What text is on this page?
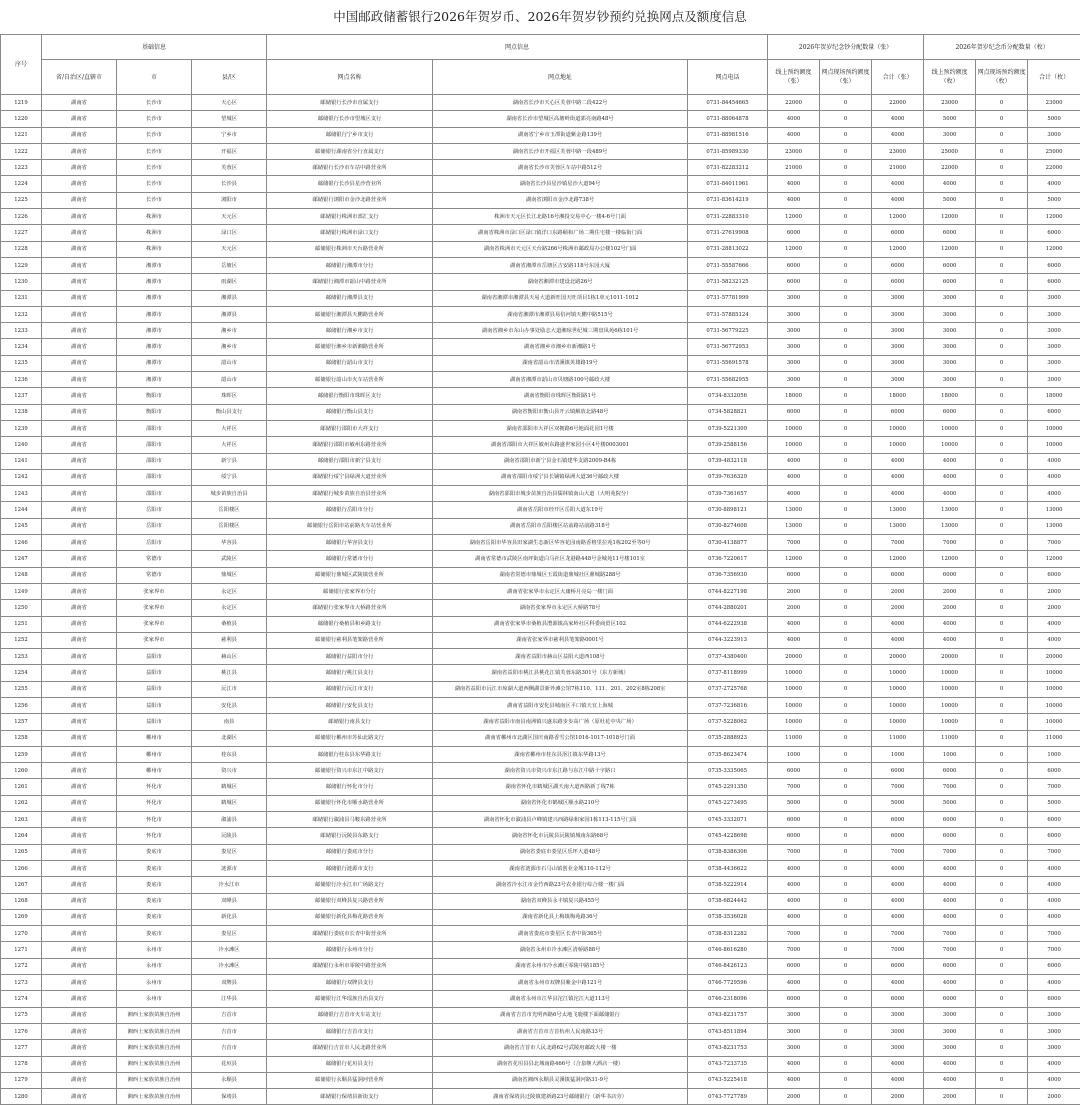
中国邮政储蓄银行2026年贺岁币、2026年贺岁钞预约兑换网点及额度信息
序号	基础信息			网点信息			2026年贺岁纪念钞分配数量（张）			2026年贺岁纪念币分配数量（枚）		
	省/自治区/直辖市	市	县/区	网点名称	网点地址	网点电话	线上预约额度（张）	网点现场预约额度（张）	合计（张）	线上预约额度（枚）	网点现场预约额度（枚）	合计（枚）
1219	湖南省	长沙市	天心区	邮储银行长沙市直属支行	湖南省长沙市天心区芙蓉中路二段422号	0731-84454665	22000	0	22000	23000	0	23000
1220	湖南省	长沙市	望城区	邮储银行长沙市望城区支行	湖南省长沙市望城区高塘岭街道郭亮南路48号	0731-88064878	4000	0	4000	5000	0	5000
1221	湖南省	长沙市	宁乡市	邮储银行宁乡市支行	湖南省宁乡市玉潭街道紫金路139号	0731-88981516	4000	0	4000	3000	0	3000
1222	湖南省	长沙市	开福区	邮储银行湖南省分行直属支行	湖南省长沙市开福区芙蓉中路一段489号	0731-85989330	23000	0	23000	25000	0	25000
1223	湖南省	长沙市	芙蓉区	邮储银行长沙市车站中路营业所	湖南省长沙市芙蓉区车站中路512号	0731-82283212	21000	0	21000	22000	0	22000
1224	湖南省	长沙市	长沙县	邮储银行长沙县星沙营业所	湖南省长沙县星沙镇星沙大道94号	0731-84011961	4000	0	4000	4000	0	4000
1225	湖南省	长沙市	浏阳市	邮储银行浏阳市金沙北路营业所	湖南省浏阳市金沙北路738号	0731-83614219	4000	0	4000	5000	0	5000
1226	湖南省	株洲市	天元区	邮储银行株洲市部汇支行	株洲市天元区长江北路16号湘投交易中心一楼4-6号门面	0731-22883310	12000	0	12000	12000	0	12000
1227	湖南省	株洲市	渌口区	邮储银行株洲市渌口支行	湖南省株洲市渌口区渌口镇洋口东路颐和广场二期住宅楼一楼临街门面	0731-27619908	6000	0	6000	6000	0	6000
1228	湖南省	株洲市	天元区	邮储银行株洲市天台路营业所	湖南省株洲市天元区天台路266号株洲市邮政局办公楼102号门面	0731-28813022	12000	0	12000	12000	0	12000
1229	湖南省	湘潭市	岳塘区	邮储银行湘潭市分行	湖南省湘潭市岳塘区吉安路118号东园大厦	0731-55587666	6000	0	6000	6000	0	6000
1230	湖南省	湘潭市	雨湖区	邮储银行湘潭市韶山中路营业所	湖南省湘潭市建设北路26号	0731-58232125	6000	0	6000	6000	0	6000
1231	湖南省	湘潭市	湘潭县	邮储银行湘潭县支行	湖南省湘潭市湘潭县天易大道新旺国天旺项目1栋1单元1011-1012	0731-57781999	3000	0	3000	3000	0	3000
1232	湖南省	湘潭市	湘潭县	邮储银行湘潭县天鹏路营业所	湖南省湘潭市湘潭县易俗河镇天鹏中路515号	0731-57885124	3000	0	3000	3000	0	3000
1233	湖南省	湘潭市	湘乡市	邮储银行湘乡市支行	湖南省湘乡市东山办事处励志大道湘琼世纪城三期盘凤苑6栋101号	0731-56779225	3000	0	3000	3000	0	3000
1234	湖南省	湘潭市	湘乡市	邮储银行湘乡市新湘路营业所	湖南省湘乡市湘乡市新湘路1号	0731-56772953	3000	0	3000	3000	0	3000
1235	湖南省	湘潭市	韶山市	邮储银行韶山市支行	湖南省韶山市清溪镇英雄路19号	0731-55691578	3000	0	3000	3000	0	3000
1236	湖南省	湘潭市	韶山市	邮储银行韶山市火车站营业所	湖南省湘潭市韶山市贝塘路100号邮政大楼	0731-55682955	3000	0	3000	3000	0	3000
1237	湖南省	衡阳市	珠晖区	邮储银行衡阳市珠晖区支行	湖南省衡阳市珠晖区衡阳路1号	0734-8332056	18000	0	18000	18000	0	18000
1238	湖南省	衡阳市	衡山县支行	邮储银行衡山县支行	湖南省衡阳市衡山县开云镇解放北路48号	0734-5828821	6000	0	6000	6000	0	6000
1239	湖南省	邵阳市	大祥区	邮储银行邵阳市大祥支行	湖南省邵阳市大祥区双拥路6号地面花园1号楼	0739-5221309	10000	0	10000	10000	0	10000
1240	湖南省	邵阳市	大祥区	邮储银行邵阳市敏州东路营业所	湖南省邵阳市大祥区敏州东路盛世家园小区4号楼0003001	0739-2588156	10000	0	10000	10000	0	10000
1241	湖南省	邵阳市	新宁县	邮储银行邵阳市新宁县支行	湖南省邵阳市新宁县金石镇建华支路2009-B4栋	0739-4832118	4000	0	4000	4000	0	4000
1242	湖南省	邵阳市	绥宁县	邮储银行绥宁县绿洲大道营业所	湖南省邵阳市绥宁县长铺镇绿洲大道36号邮政大楼	0739-7636329	4000	0	4000	4000	0	4000
1243	湖南省	邵阳市	城步苗族自治县	邮储银行城步苗族自治县营业所	湖南省邵阳市城步苗族自治县儒林镇南山大道（大明苑院分）	0739-7361657	4000	0	4000	4000	0	4000
1244	湖南省	岳阳市	岳阳楼区	邮储银行岳阳市分行	湖南省岳阳市经开区岳阳大道东19号	0730-8898121	13000	0	13000	13000	0	13000
1245	湖南省	岳阳市	岳阳楼区	邮储银行岳阳市站前路火车站营业所	湖南省岳阳市岳阳楼区站前路站前路318号	0730-8274608	13000	0	13000	13000	0	13000
1246	湖南省	岳阳市	华容县	邮储银行华容县支行	湖南省岳阳市华容县田家湖生态新区华容花园南路香格里拉苑1栋202至等0号	0730-4138877	7000	0	7000	7000	0	7000
1247	湖南省	常德市	武陵区	邮储银行常德市分行	湖南省常德市武陵区南坪街道白马社区龙港路448号金城苑11号楼101室	0736-7220617	12000	0	12000	12000	0	12000
1248	湖南省	常德市	鼎城区	邮储银行鼎城区武陵镇营业所	湖南省常德市鼎城区玉霞街道鼎城社区鼎城路288号	0736-7356930	6000	0	6000	6000	0	6000
1249	湖南省	张家界市	永定区	邮储银行张家界市分行	湖南省张家界市永定区大庸桥月亮岛一楼门面	0744-8227198	2000	0	2000	2000	0	2000
1250	湖南省	张家界市	永定区	邮储银行张家界市大桥路营业所	湖南省张家界市永定区大桥路78号	0744-2880201	2000	0	2000	2000	0	2000
1251	湖南省	张家界市	桑植县	邮储银行桑植县和乡路支行	湖南省张家界市桑植县澧源镇高家岭社区科委商贸区102	0744-6222938	4000	0	4000	4000	0	4000
1252	湖南省	张家界市	慈利县	邮储银行慈利县笔架路营业所	湖南省张家界市慈利县笔架路0001号	0744-3223913	4000	0	4000	4000	0	4000
1253	湖南省	益阳市	赫山区	邮储银行益阳市分行	湖南省益阳市赫山区益阳大道西108号	0737-4380400	20000	0	20000	20000	0	20000
1254	湖南省	益阳市	桃江县	邮储银行桃江县支行	湖南省益阳市桃江县桃花江镇芙蓉东路301号（东方新城）	0737-8118999	10000	0	10000	10000	0	10000
1255	湖南省	益阳市	沅江市	邮储银行沅江市支行	湖南省益阳市沅江市琼湖大道西侧湖景新外滩公馆7栋110、111、201、202室8栋208室	0737-2725768	10000	0	10000	10000	0	10000
1256	湖南省	益阳市	安化县	邮储银行安化县支行	湖南省益阳市安化县城南区平口镇天宜上海城	0737-7236816	10000	0	10000	10000	0	10000
1257	湖南省	益阳市	南县	邮储银行南县支行	湖南省益阳市南县南洲镇兴盛东路步步高广场（原杜花中央广场）	0737-5228062	10000	0	10000	10000	0	10000
1258	湖南省	郴州市	北湖区	邮储银行郴州市苏仙北路支行	湖南省郴州市北湖区国庆南路香雪公馆1016-1017-1018号门面	0735-2888923	11000	0	11000	11000	0	11000
1259	湖南省	郴州市	桂东县	邮储银行桂东县东华路支行	湖南省郴州市桂东县沤江镇东华路13号	0735-8623474	1000	0	1000	1000	0	1000
1260	湖南省	郴州市	资兴市	邮储银行资兴市东江中路支行	湖南省资兴市资兴市东江路与东江中路十字路口	0735-3335065	6000	0	6000	6000	0	6000
1261	湖南省	怀化市	鹤城区	邮储银行怀化市分行	湖南省怀化市鹤城区湖天南大道西路新丁线7栋	0745-2291350	7000	0	7000	7000	0	7000
1262	湖南省	怀化市	鹤城区	邮储银行怀化市顺水路营业所	湖南省怀化市鹤城区顺水路210号	0745-2273495	5000	0	5000	5000	0	5000
1263	湖南省	怀化市	溆浦县	邮储银行溆浦县马鞍东路营业所	湖南省怀化市溆浦县卢峰镇建兴西路绿和家园1栋113-115号门面	0745-3332071	6000	0	6000	6000	0	6000
1264	湖南省	怀化市	沅陵县	邮储银行沅陵县东路支行	湖南省怀化市沅陵县沅陵镇城南东路68号	0745-4228698	6000	0	6000	6000	0	6000
1265	湖南省	娄底市	娄星区	邮储银行娄底市分行	湖南省娄底市娄星区乐坪大道48号	0738-8386306	7000	0	7000	7000	0	7000
1266	湖南省	娄底市	涟源市	邮储银行涟源市支行	湖南省涟源市石马山镇创业金城110-112号	0738-4436622	4000	0	4000	4000	0	4000
1267	湖南省	娄底市	冷水江市	邮储银行冷水江市广场路支行	湖南省冷水江市金竹西路23号农业银行综合楼一楼门面	0738-5222914	4000	0	4000	4000	0	4000
1268	湖南省	娄底市	双峰县	邮储银行双峰县复兴路营业所	湖南省双峰县永丰镇复兴路455号	0738-6824442	4000	0	4000	4000	0	4000
1269	湖南省	娄底市	新化县	邮储银行新化县梅花路营业所	湖南省新化县上梅镇梅苑路36号	0738-3536028	4000	0	4000	4000	0	4000
1270	湖南省	娄底市	娄星区	邮储银行娄底市长青中街营业所	湖南省娄底市娄星区长青中街365号	0738-8312282	7000	0	7000	7000	0	7000
1271	湖南省	永州市	冷水滩区	邮储银行永州市分行	湖南省永州市冷水滩区清桥路88号	0746-8616280	7000	0	7000	7000	0	7000
1272	湖南省	永州市	冷水滩区	邮储银行永州市零陵中路营业所	湖南省永州市冷水滩区零陵中路185号	0746-8426123	6000	0	6000	6000	0	6000
1273	湖南省	永州市	双牌县	邮储银行双牌县支行	湖南省永州市双牌县紫金中路121号	0746-7729596	4000	0	4000	4000	0	4000
1274	湖南省	永州市	江华县	邮储银行江华瑶族自治县支行	湖南省永州市江华县沱江镇沱江大道113号	0746-2318096	6000	0	6000	6000	0	6000
1275	湖南省	湘西土家族苗族自治州	吉首市	邮储银行吉首市火车站支行	湖南省吉首市光明西路6号太地飞鹿楼下面邮储银行	0743-8231757	3000	0	3000	3000	0	3000
1276	湖南省	湘西土家族苗族自治州	吉首市	邮储银行吉首市支行	湖南省吉首市吉首杭州人民南路33号	0743-8511894	3000	0	3000	3000	0	3000
1277	湖南省	湘西土家族苗族自治州	吉首市	邮储银行吉首市人民北路营业所	湖南省吉首市人民北路62号武陵府邮政大楼一楼	0743-8231753	3000	0	3000	3000	0	3000
1278	湖南省	湘西土家族苗族自治州	花垣县	邮储银行花垣县支行	湖南省花垣县县北城南路466号（合泉继大酒店一楼）	0743-7233735	4000	0	4000	4000	0	4000
1279	湖南省	湘西土家族苗族自治州	永顺县	邮储银行永顺县猛洞河营业所	湖南省湘西永顺县灵溪镇猛洞河路31-9号	0743-5225418	4000	0	4000	4000	0	4000
1280	湖南省	湘西土家族苗族自治州	保靖县	邮储银行保靖县新街支行	湖南省保靖县迁陵镇建新路23号邮储银行（新华书店旁）	0743-7727789	2000	0	2000	2000	0	2000
